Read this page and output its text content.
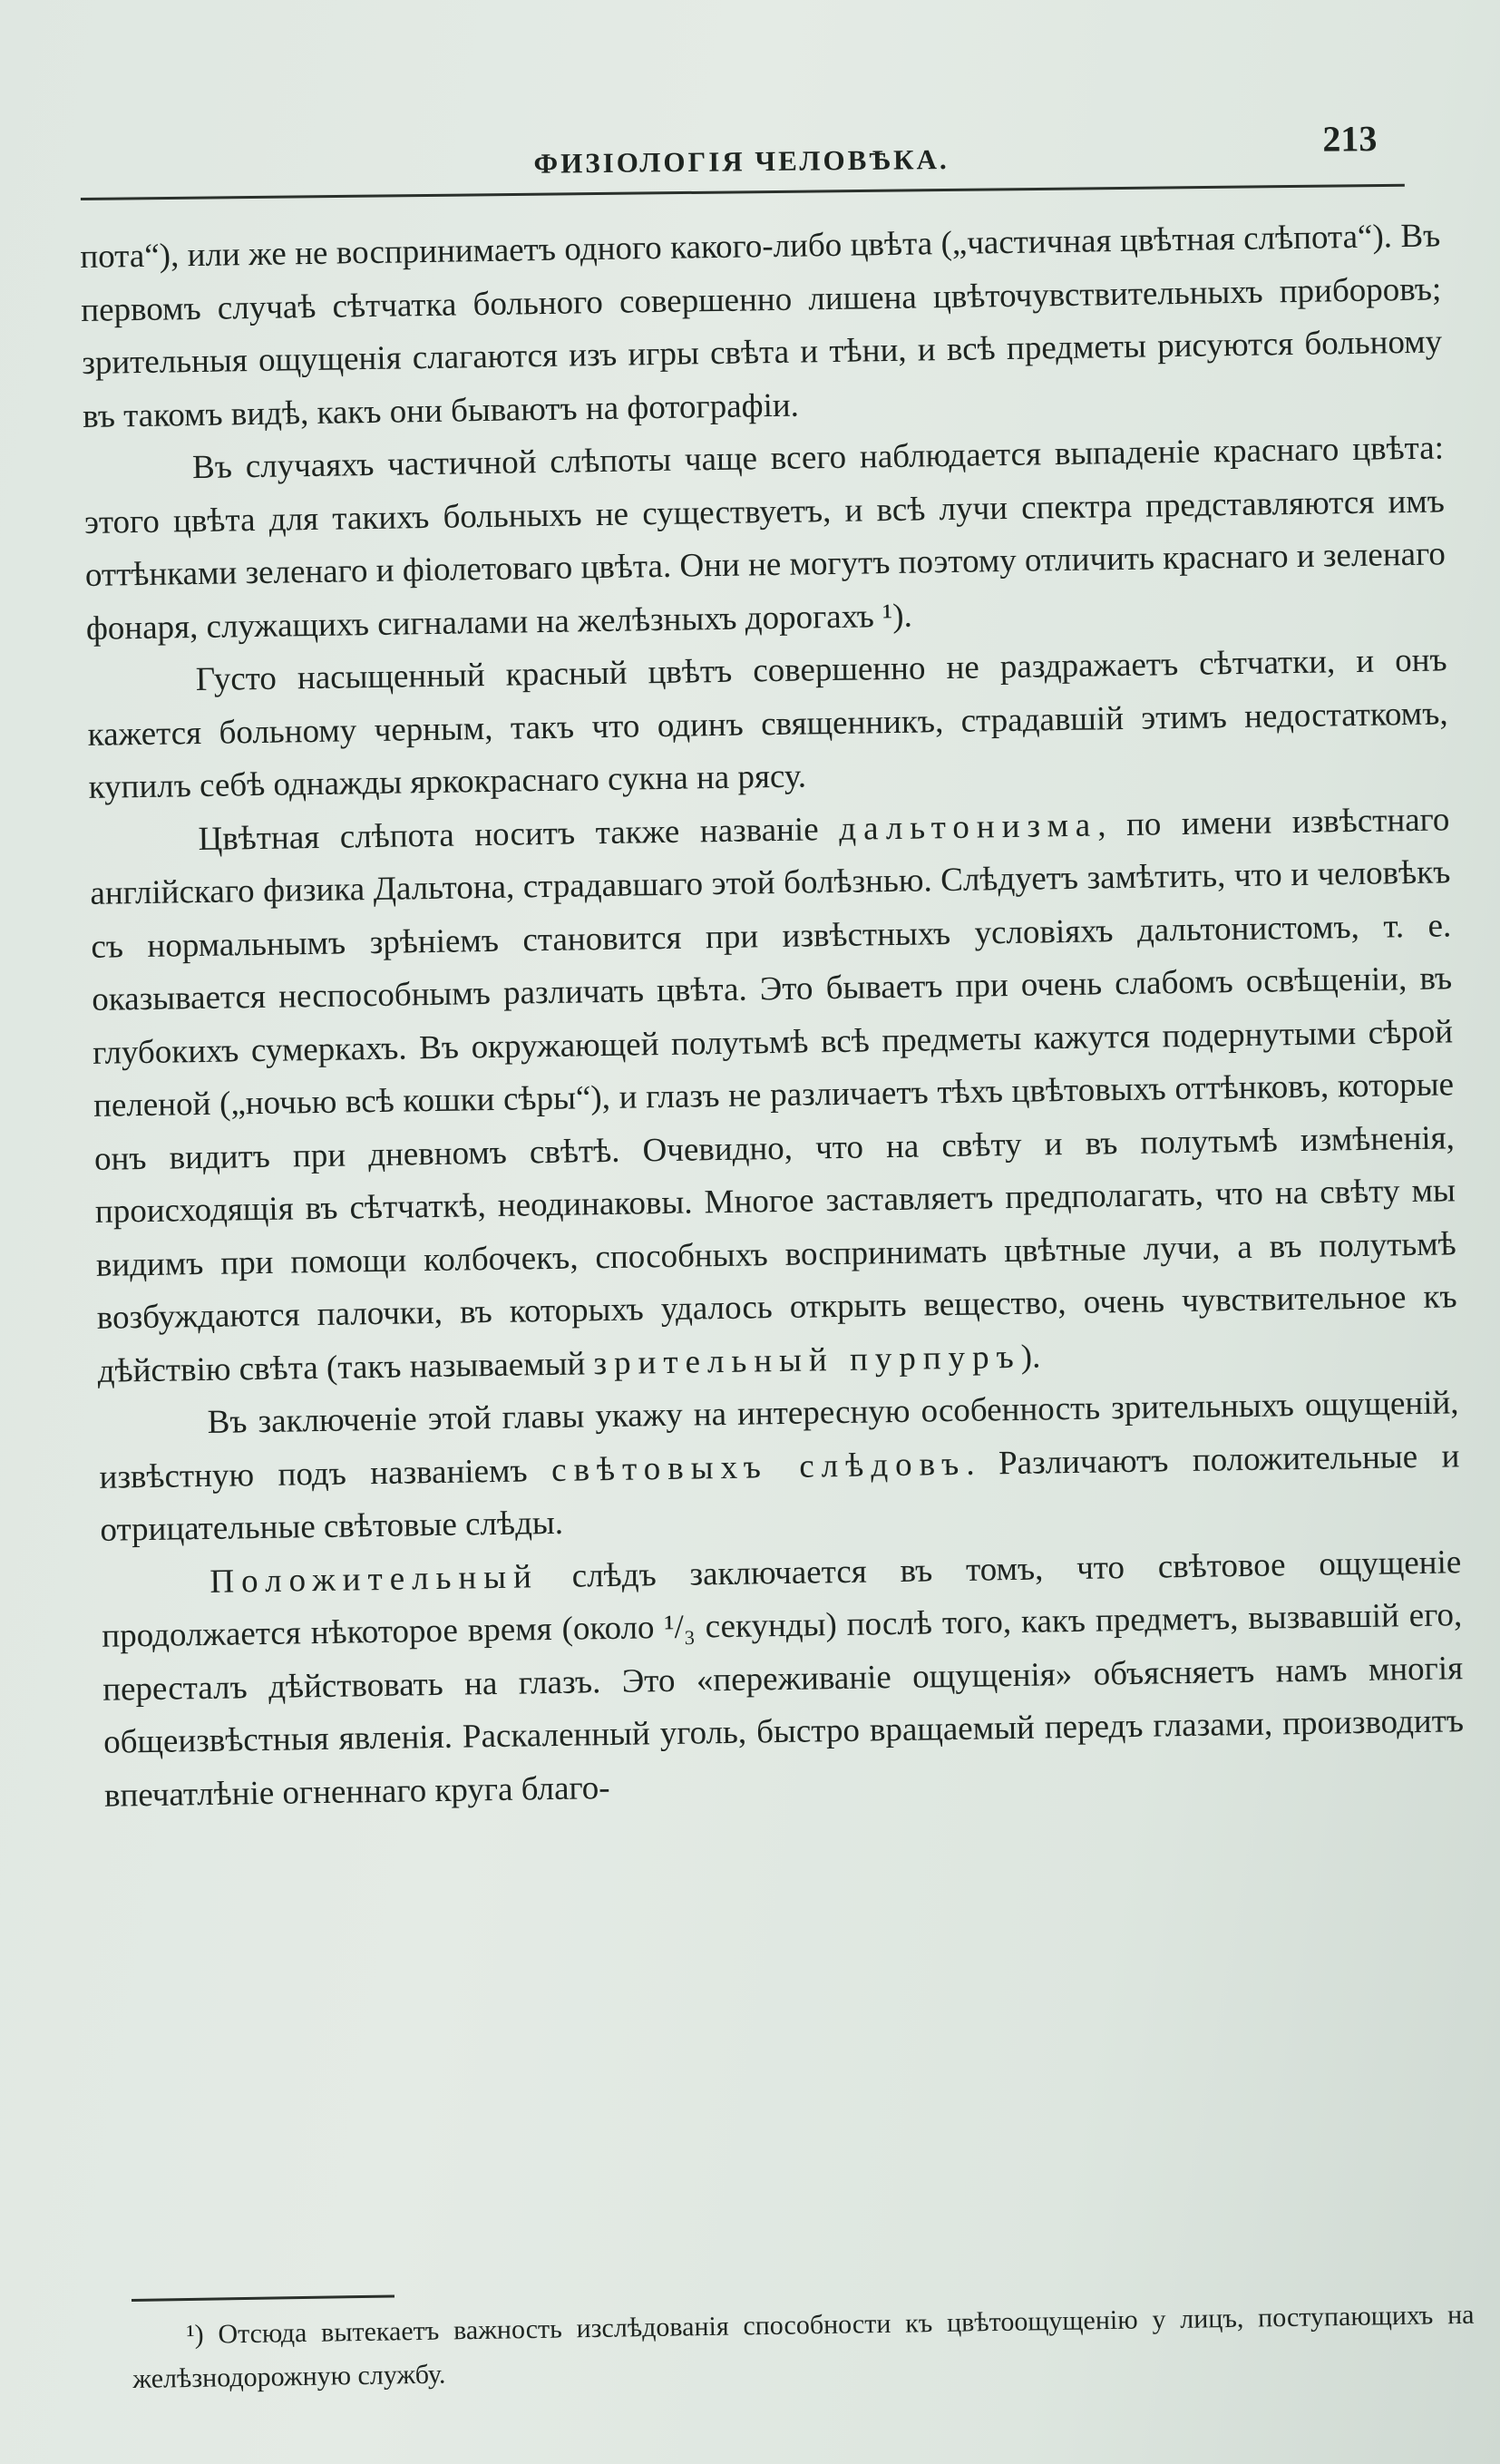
ФИЗІОЛОГІЯ ЧЕЛОВѢКА.
213

пота“), или же не воспринимаетъ одного какого-либо цвѣта („частичная цвѣтная слѣпота“). Въ первомъ случаѣ сѣтчатка больного совершенно лишена цвѣточувствительныхъ приборовъ; зрительныя ощущенія слагаются изъ игры свѣта и тѣни, и всѣ предметы рисуются больному въ такомъ видѣ, какъ они бываютъ на фотографіи.

Въ случаяхъ частичной слѣпоты чаще всего наблюдается выпаденіе краснаго цвѣта: этого цвѣта для такихъ больныхъ не существуетъ, и всѣ лучи спектра представляются имъ оттѣнками зеленаго и фіолетоваго цвѣта. Они не могутъ поэтому отличить краснаго и зеленаго фонаря, служащихъ сигналами на желѣзныхъ дорогахъ ¹).

Густо насыщенный красный цвѣтъ совершенно не раздражаетъ сѣтчатки, и онъ кажется больному черным, такъ что одинъ священникъ, страдавшій этимъ недостаткомъ, купилъ себѣ однажды яркокраснаго сукна на рясу.

Цвѣтная слѣпота носитъ также названіе дальтонизма, по имени извѣстнаго англійскаго физика Дальтона, страдавшаго этой болѣзнью. Слѣдуетъ замѣтить, что и человѣкъ съ нормальнымъ зрѣніемъ становится при извѣстныхъ условіяхъ дальтонистомъ, т. е. оказывается неспособнымъ различать цвѣта. Это бываетъ при очень слабомъ освѣщеніи, въ глубокихъ сумеркахъ. Въ окружающей полутьмѣ всѣ предметы кажутся подернутыми сѣрой пеленой („ночью всѣ кошки сѣры“), и глазъ не различаетъ тѣхъ цвѣтовыхъ оттѣнковъ, которые онъ видитъ при дневномъ свѣтѣ. Очевидно, что на свѣту и въ полутьмѣ измѣненія, происходящія въ сѣтчаткѣ, неодинаковы. Многое заставляетъ предполагать, что на свѣту мы видимъ при помощи колбочекъ, способныхъ воспринимать цвѣтные лучи, а въ полутьмѣ возбуждаются палочки, въ которыхъ удалось открыть вещество, очень чувствительное къ дѣйствію свѣта (такъ называемый зрительный пурпуръ).

Въ заключеніе этой главы укажу на интересную особенность зрительныхъ ощущеній, извѣстную подъ названіемъ свѣтовыхъ слѣдовъ. Различаютъ положительные и отрицательные свѣтовые слѣды.

Положительный слѣдъ заключается въ томъ, что свѣтовое ощущеніе продолжается нѣкоторое время (около ¹/₃ секунды) послѣ того, какъ предметъ, вызвавшій его, пересталъ дѣйствовать на глазъ. Это «переживаніе ощущенія» объясняетъ намъ многія общеизвѣстныя явленія. Раскаленный уголь, быстро вращаемый передъ глазами, производитъ впечатлѣніе огненнаго круга благо-

¹) Отсюда вытекаетъ важность изслѣдованія способности къ цвѣтоощущенію у лицъ, поступающихъ на желѣзнодорожную службу.
